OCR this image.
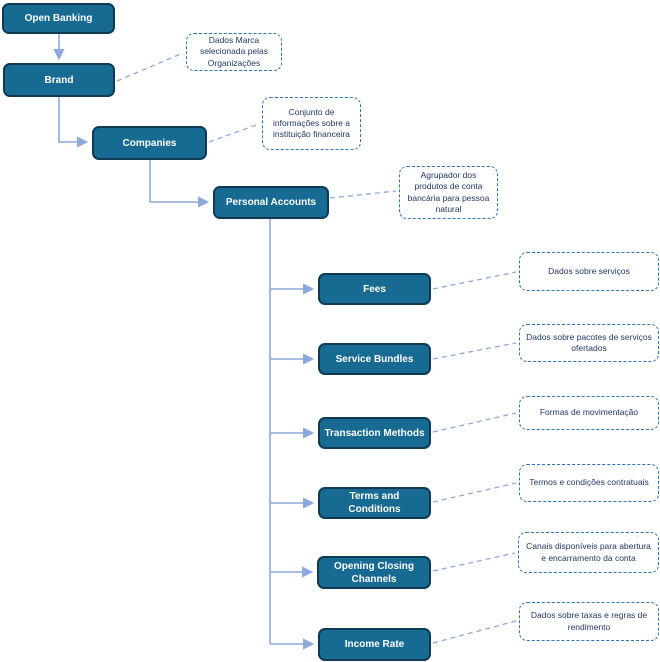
Open Banking
Brand
Companies
Personal Accounts
Fees
Service Bundles
Transaction Methods
Terms and Conditions
Opening Closing Channels
Income Rate
Dados Marca selecionada pelas Organizações
Conjunto de informações sobre a instituição financeira
Agrupador dos produtos de conta bancária para pessoa natural
Dados sobre serviços
Dados sobre pacotes de serviços ofertados
Formas de movimentação
Termos e condições contratuais
Canais disponíveis para abertura e encarramento da conta
Dados sobre taxas e regras de rendimento
